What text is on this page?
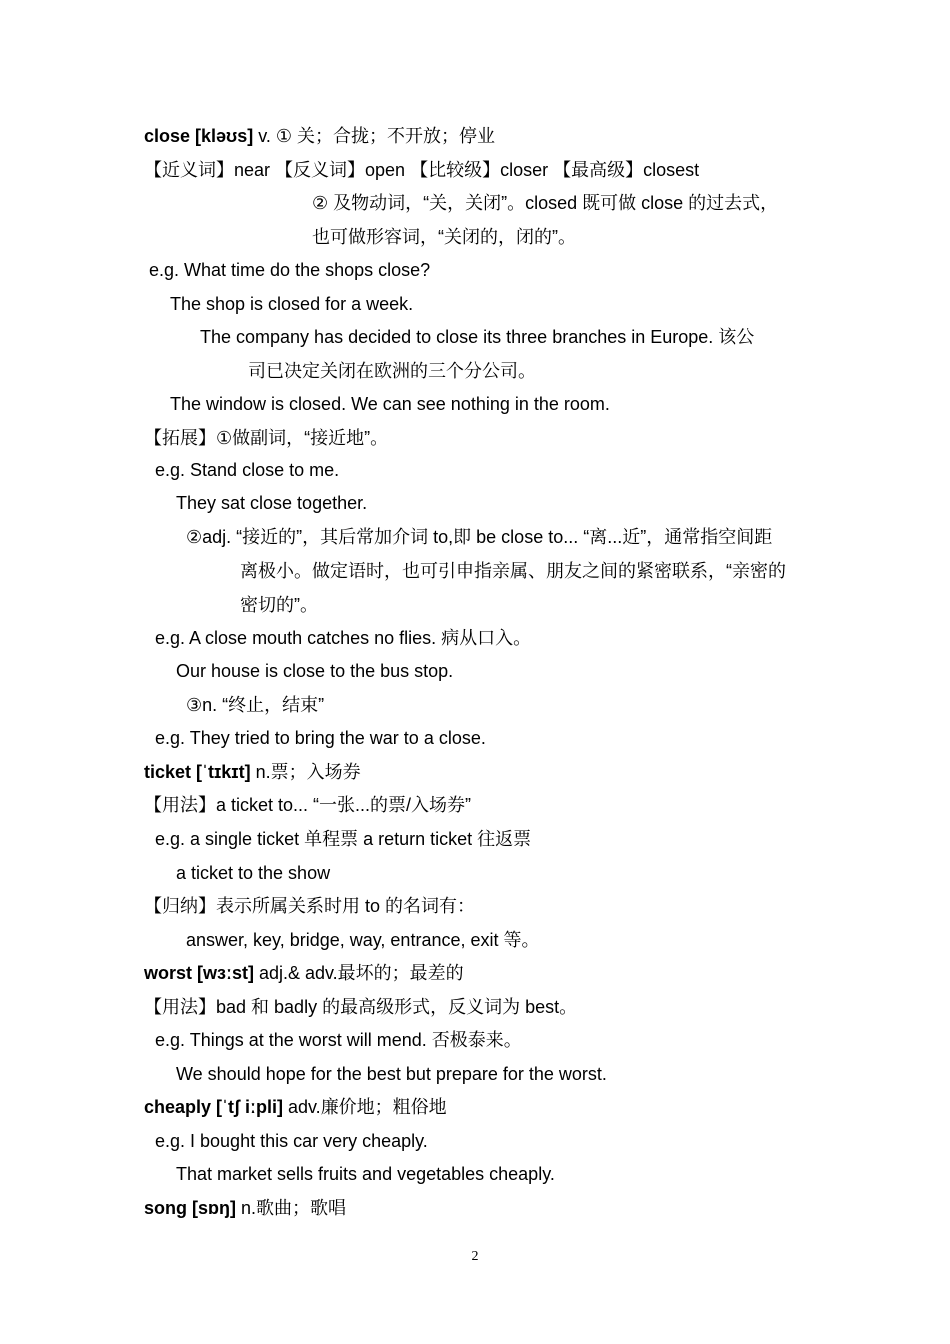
close [kləʊs] v. ① 关；合拢；不开放；停业
【近义词】near 【反义词】open 【比较级】closer 【最高级】closest
② 及物动词，“关，关闭”。closed 既可做 close 的过去式，
也可做形容词，“关闭的，闭的”。
e.g. What time do the shops close?
The shop is closed for a week.
The company has decided to close its three branches in Europe. 该公
司已决定关闭在欧洲的三个分公司。
The window is closed. We can see nothing in the room.
【拓展】①做副词，“接近地”。
e.g. Stand close to me.
They sat close together.
②adj. “接近的”，其后常加介词 to,即 be close to... “离...近”，通常指空间距
离极小。做定语时，也可引申指亲属、朋友之间的紧密联系，“亲密的
密切的”。
e.g. A close mouth catches no flies. 病从口入。
Our house is close to the bus stop.
③n. “终止，结束”
e.g. They tried to bring the war to a close.
ticket [ˈtɪkɪt] n.票；入场券
【用法】a ticket to... “一张...的票/入场券”
e.g. a single ticket 单程票 a return ticket 往返票
a ticket to the show
【归纳】表示所属关系时用 to 的名词有：
answer, key, bridge, way, entrance, exit 等。
worst [wɜːst] adj.& adv.最坏的；最差的
【用法】bad 和 badly 的最高级形式，反义词为 best。
e.g. Things at the worst will mend. 否极泰来。
We should hope for the best but prepare for the worst.
cheaply [ˈtʃ iːpli] adv.廉价地；粗俗地
e.g. I bought this car very cheaply.
That market sells fruits and vegetables cheaply.
song [sɒŋ] n.歌曲；歌唱
2
